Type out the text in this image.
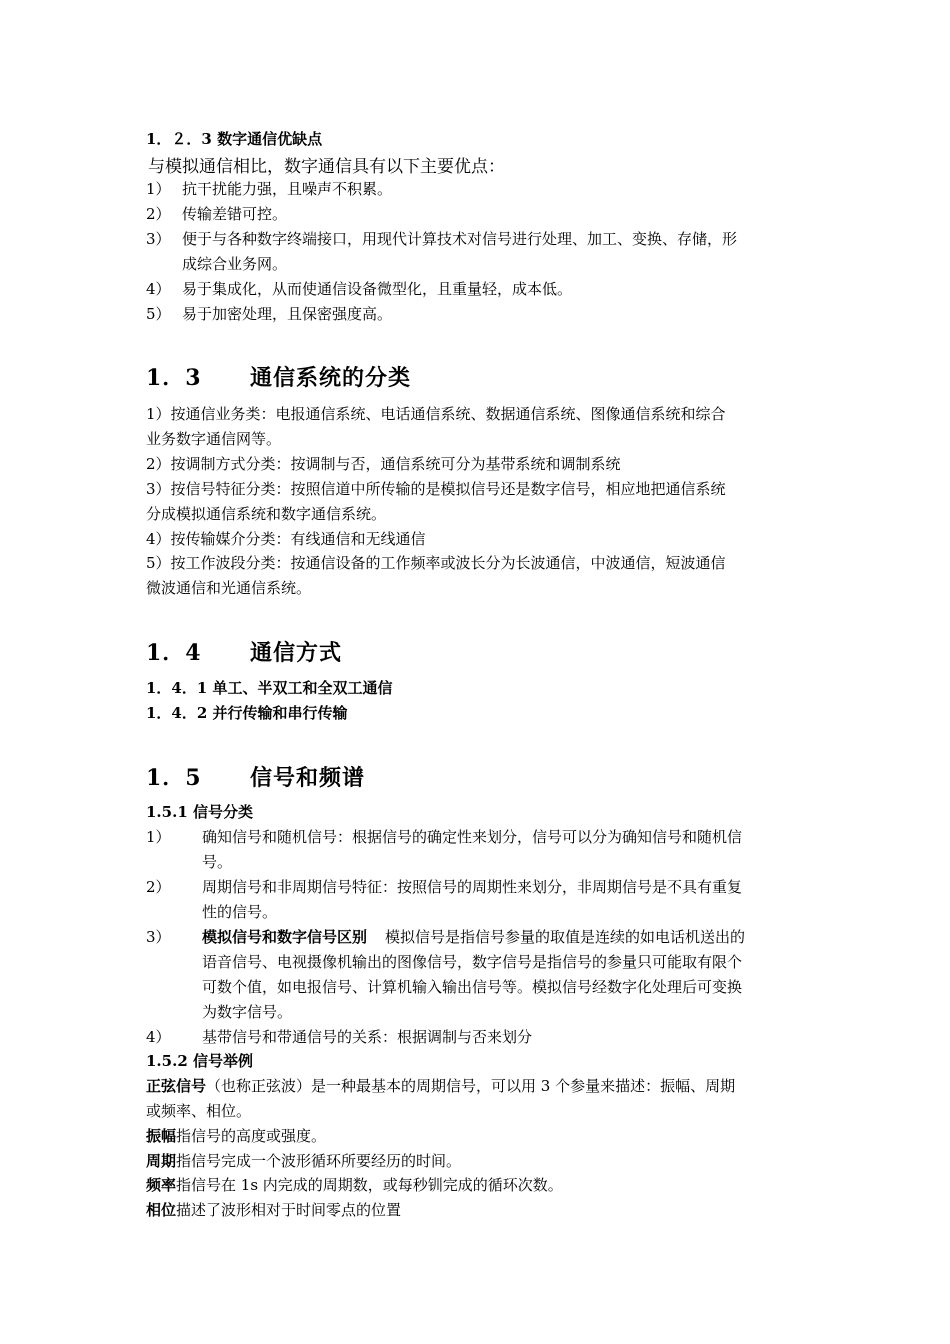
1．２．3 数字通信优缺点
与模拟通信相比，数字通信具有以下主要优点：
1） 抗干扰能力强，且噪声不积累。
2） 传输差错可控。
3） 便于与各种数字终端接口，用现代计算技术对信号进行处理、加工、变换、存储，形
成综合业务网。
4） 易于集成化，从而使通信设备微型化，且重量轻，成本低。
5） 易于加密处理，且保密强度高。
1．3 通信系统的分类
1）按通信业务类：电报通信系统、电话通信系统、数据通信系统、图像通信系统和综合
业务数字通信网等。
2）按调制方式分类：按调制与否，通信系统可分为基带系统和调制系统
3）按信号特征分类：按照信道中所传输的是模拟信号还是数字信号，相应地把通信系统
分成模拟通信系统和数字通信系统。
4）按传输媒介分类：有线通信和无线通信
5）按工作波段分类：按通信设备的工作频率或波长分为长波通信，中波通信，短波通信
微波通信和光通信系统。
1．4 通信方式
1．4．1 单工、半双工和全双工通信
1．4．2 并行传输和串行传输
1．5 信号和频谱
1.5.1 信号分类
1） 确知信号和随机信号：根据信号的确定性来划分，信号可以分为确知信号和随机信
号。
2） 周期信号和非周期信号特征：按照信号的周期性来划分，非周期信号是不具有重复
性的信号。
3） 模拟信号和数字信号区别 模拟信号是指信号参量的取值是连续的如电话机送出的
语音信号、电视摄像机输出的图像信号，数字信号是指信号的参量只可能取有限个
可数个值，如电报信号、计算机输入输出信号等。模拟信号经数字化处理后可变换
为数字信号。
4） 基带信号和带通信号的关系：根据调制与否来划分
1.5.2 信号举例
正弦信号（也称正弦波）是一种最基本的周期信号，可以用 3 个参量来描述：振幅、周期
或频率、相位。
振幅指信号的高度或强度。
周期指信号完成一个波形循环所要经历的时间。
频率指信号在 1s 内完成的周期数，或每秒钏完成的循环次数。
相位描述了波形相对于时间零点的位置
